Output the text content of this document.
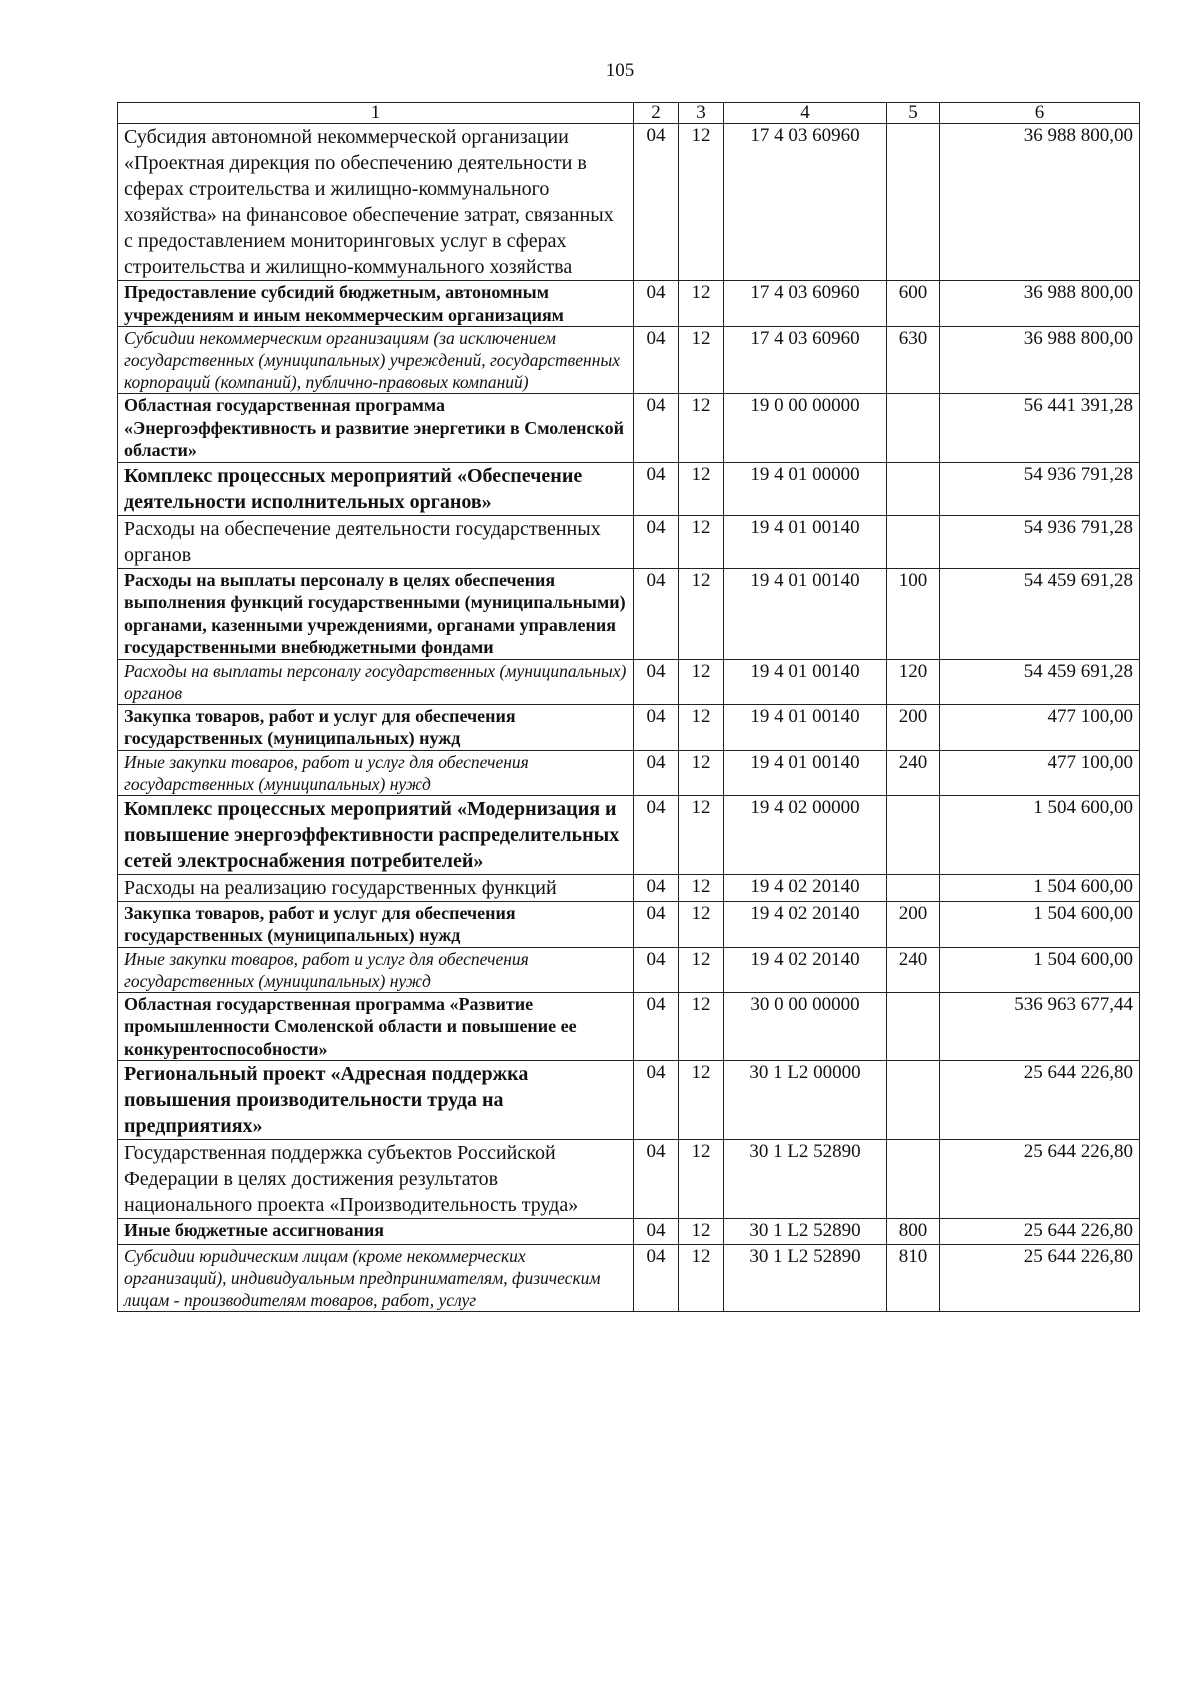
105
1	2	3	4	5	6
Субсидия автономной некоммерческой организации «Проектная дирекция по обеспечению деятельности в сферах строительства и жилищно-коммунального хозяйства» на финансовое обеспечение затрат, связанных с предоставлением мониторинговых услуг в сферах строительства и жилищно-коммунального хозяйства	04	12	17 4 03 60960		36 988 800,00
Предоставление субсидий бюджетным, автономным учреждениям и иным некоммерческим организациям	04	12	17 4 03 60960	600	36 988 800,00
Субсидии некоммерческим организациям (за исключением государственных (муниципальных) учреждений, государственных корпораций (компаний), публично-правовых компаний)	04	12	17 4 03 60960	630	36 988 800,00
Областная государственная программа «Энергоэффективность и развитие энергетики в Смоленской области»	04	12	19 0 00 00000		56 441 391,28
Комплекс процессных мероприятий «Обеспечение деятельности исполнительных органов»	04	12	19 4 01 00000		54 936 791,28
Расходы на обеспечение деятельности государственных органов	04	12	19 4 01 00140		54 936 791,28
Расходы на выплаты персоналу в целях обеспечения выполнения функций государственными (муниципальными) органами, казенными учреждениями, органами управления государственными внебюджетными фондами	04	12	19 4 01 00140	100	54 459 691,28
Расходы на выплаты персоналу государственных (муниципальных) органов	04	12	19 4 01 00140	120	54 459 691,28
Закупка товаров, работ и услуг для обеспечения государственных (муниципальных) нужд	04	12	19 4 01 00140	200	477 100,00
Иные закупки товаров, работ и услуг для обеспечения государственных (муниципальных) нужд	04	12	19 4 01 00140	240	477 100,00
Комплекс процессных мероприятий «Модернизация и повышение энергоэффективности распределительных сетей электроснабжения потребителей»	04	12	19 4 02 00000		1 504 600,00
Расходы на реализацию государственных функций	04	12	19 4 02 20140		1 504 600,00
Закупка товаров, работ и услуг для обеспечения государственных (муниципальных) нужд	04	12	19 4 02 20140	200	1 504 600,00
Иные закупки товаров, работ и услуг для обеспечения государственных (муниципальных) нужд	04	12	19 4 02 20140	240	1 504 600,00
Областная государственная программа «Развитие промышленности Смоленской области и повышение ее конкурентоспособности»	04	12	30 0 00 00000		536 963 677,44
Региональный проект «Адресная поддержка повышения производительности труда на предприятиях»	04	12	30 1 L2 00000		25 644 226,80
Государственная поддержка субъектов Российской Федерации в целях достижения результатов национального проекта «Производительность труда»	04	12	30 1 L2 52890		25 644 226,80
Иные бюджетные ассигнования	04	12	30 1 L2 52890	800	25 644 226,80
Субсидии юридическим лицам (кроме некоммерческих организаций), индивидуальным предпринимателям, физическим лицам - производителям товаров, работ, услуг	04	12	30 1 L2 52890	810	25 644 226,80
